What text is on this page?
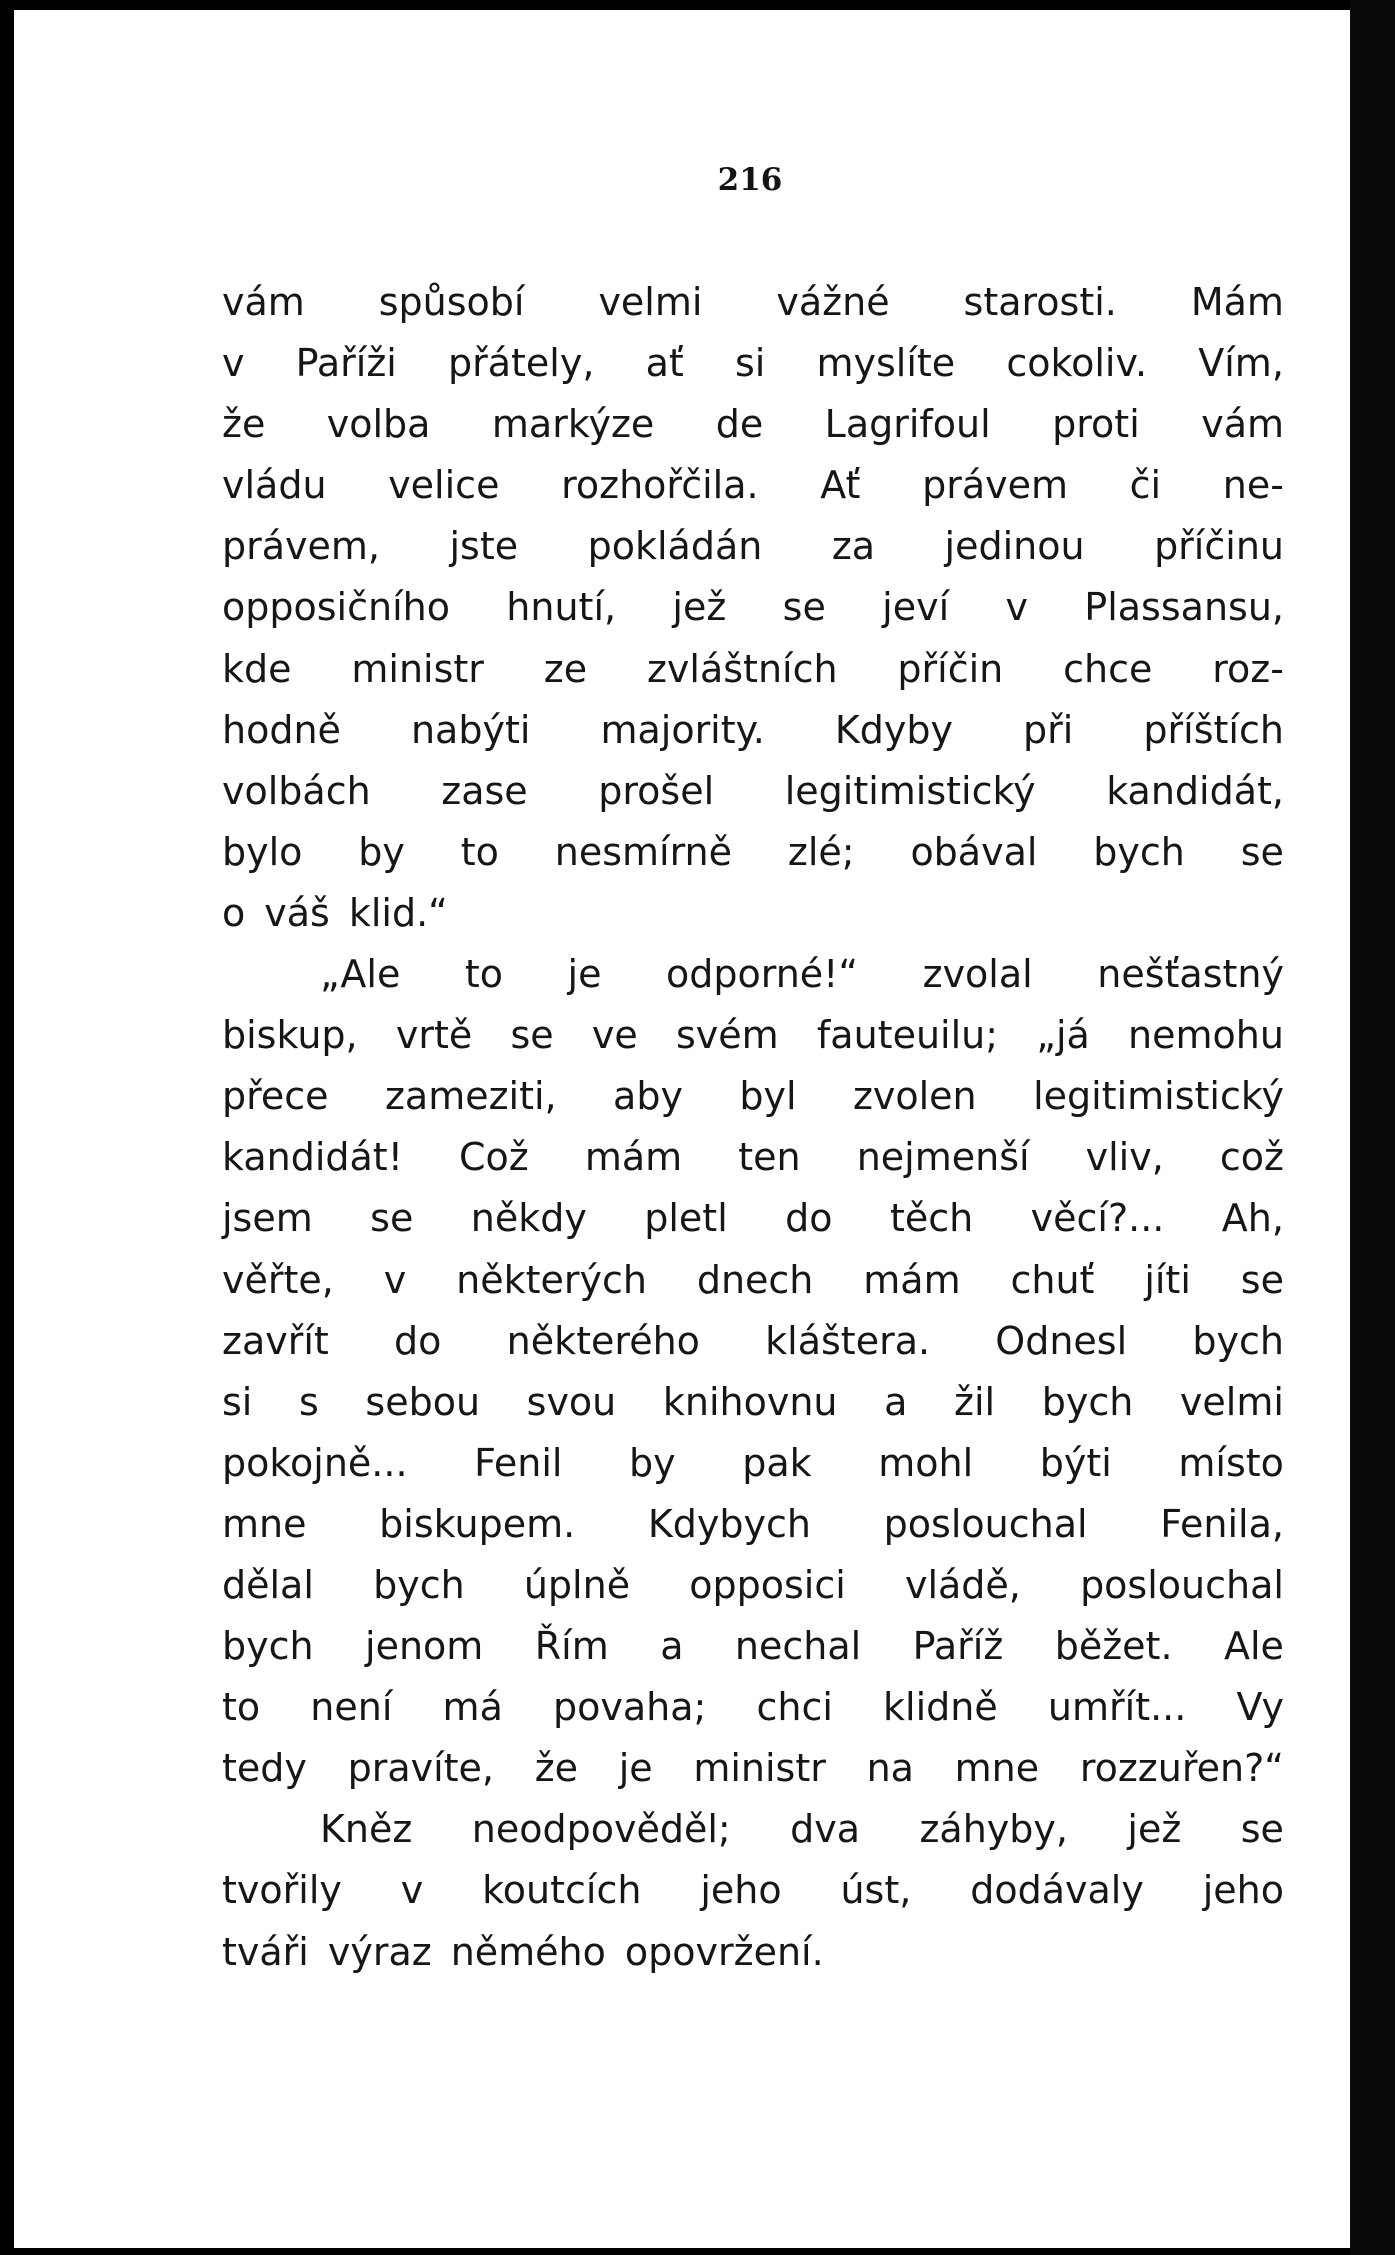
216
vám spůsobí velmi vážné starosti. Mám
v Paříži přátely, ať si myslíte cokoliv. Vím,
že volba markýze de Lagrifoul proti vám
vládu velice rozhořčila. Ať právem či ne-
právem, jste pokládán za jedinou příčinu
opposičního hnutí, jež se jeví v Plassansu,
kde ministr ze zvláštních příčin chce roz-
hodně nabýti majority. Kdyby při příštích
volbách zase prošel legitimistický kandidát,
bylo by to nesmírně zlé; obával bych se
o váš klid.“
„Ale to je odporné!“ zvolal nešťastný
biskup, vrtě se ve svém fauteuilu; „já nemohu
přece zameziti, aby byl zvolen legitimistický
kandidát! Což mám ten nejmenší vliv, což
jsem se někdy pletl do těch věcí?... Ah,
věřte, v některých dnech mám chuť jíti se
zavřít do některého kláštera. Odnesl bych
si s sebou svou knihovnu a žil bych velmi
pokojně... Fenil by pak mohl býti místo
mne biskupem. Kdybych poslouchal Fenila,
dělal bych úplně opposici vládě, poslouchal
bych jenom Řím a nechal Paříž běžet. Ale
to není má povaha; chci klidně umřít... Vy
tedy pravíte, že je ministr na mne rozzuřen?“
Kněz neodpověděl; dva záhyby, jež se
tvořily v koutcích jeho úst, dodávaly jeho
tváři výraz němého opovržení.
